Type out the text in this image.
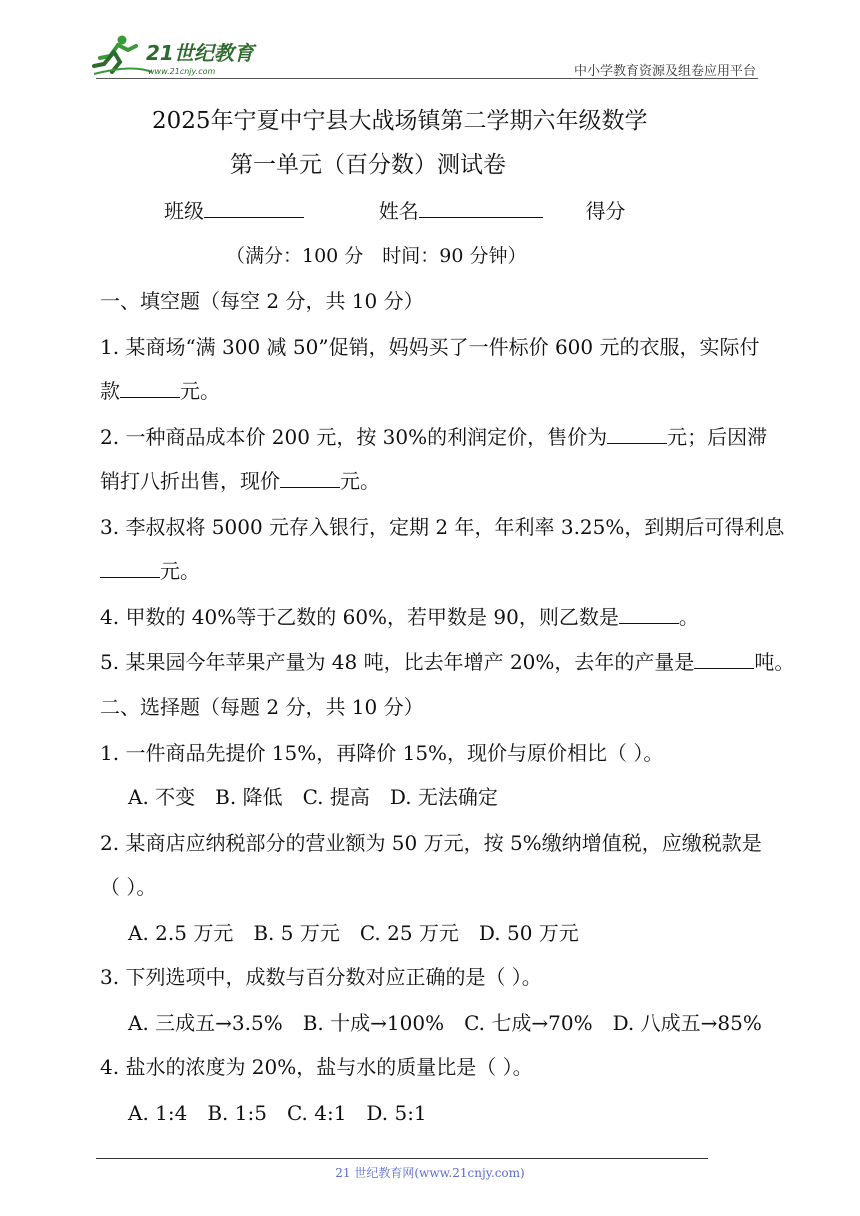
21世纪教育
www.21cnjy.com	中小学教育资源及组卷应用平台
2025年宁夏中宁县大战场镇第二学期六年级数学
第一单元（百分数）测试卷
班级	姓名	得分
（满分：100 分　时间：90 分钟）
一、填空题（每空 2 分，共 10 分）
1. 某商场“满 300 减 50”促销，妈妈买了一件标价 600 元的衣服，实际付
款	元。
2. 一种商品成本价 200 元，按 30%的利润定价，售价为	元；后因滞
销打八折出售，现价	元。
3. 李叔叔将 5000 元存入银行，定期 2 年，年利率 3.25%，到期后可得利息
元。
4. 甲数的 40%等于乙数的 60%，若甲数是 90，则乙数是	。
5. 某果园今年苹果产量为 48 吨，比去年增产 20%，去年的产量是	吨。
二、选择题（每题 2 分，共 10 分）
1. 一件商品先提价 15%，再降价 15%，现价与原价相比（ ）。
A. 不变　B. 降低　C. 提高　D. 无法确定
2. 某商店应纳税部分的营业额为 50 万元，按 5%缴纳增值税，应缴税款是
（ ）。
A. 2.5 万元　B. 5 万元　C. 25 万元　D. 50 万元
3. 下列选项中，成数与百分数对应正确的是（ ）。
A. 三成五→3.5%　B. 十成→100%　C. 七成→70%　D. 八成五→85%
4. 盐水的浓度为 20%，盐与水的质量比是（ ）。
A. 1:4　B. 1:5　C. 4:1　D. 5:1
21 世纪教育网(www.21cnjy.com)
